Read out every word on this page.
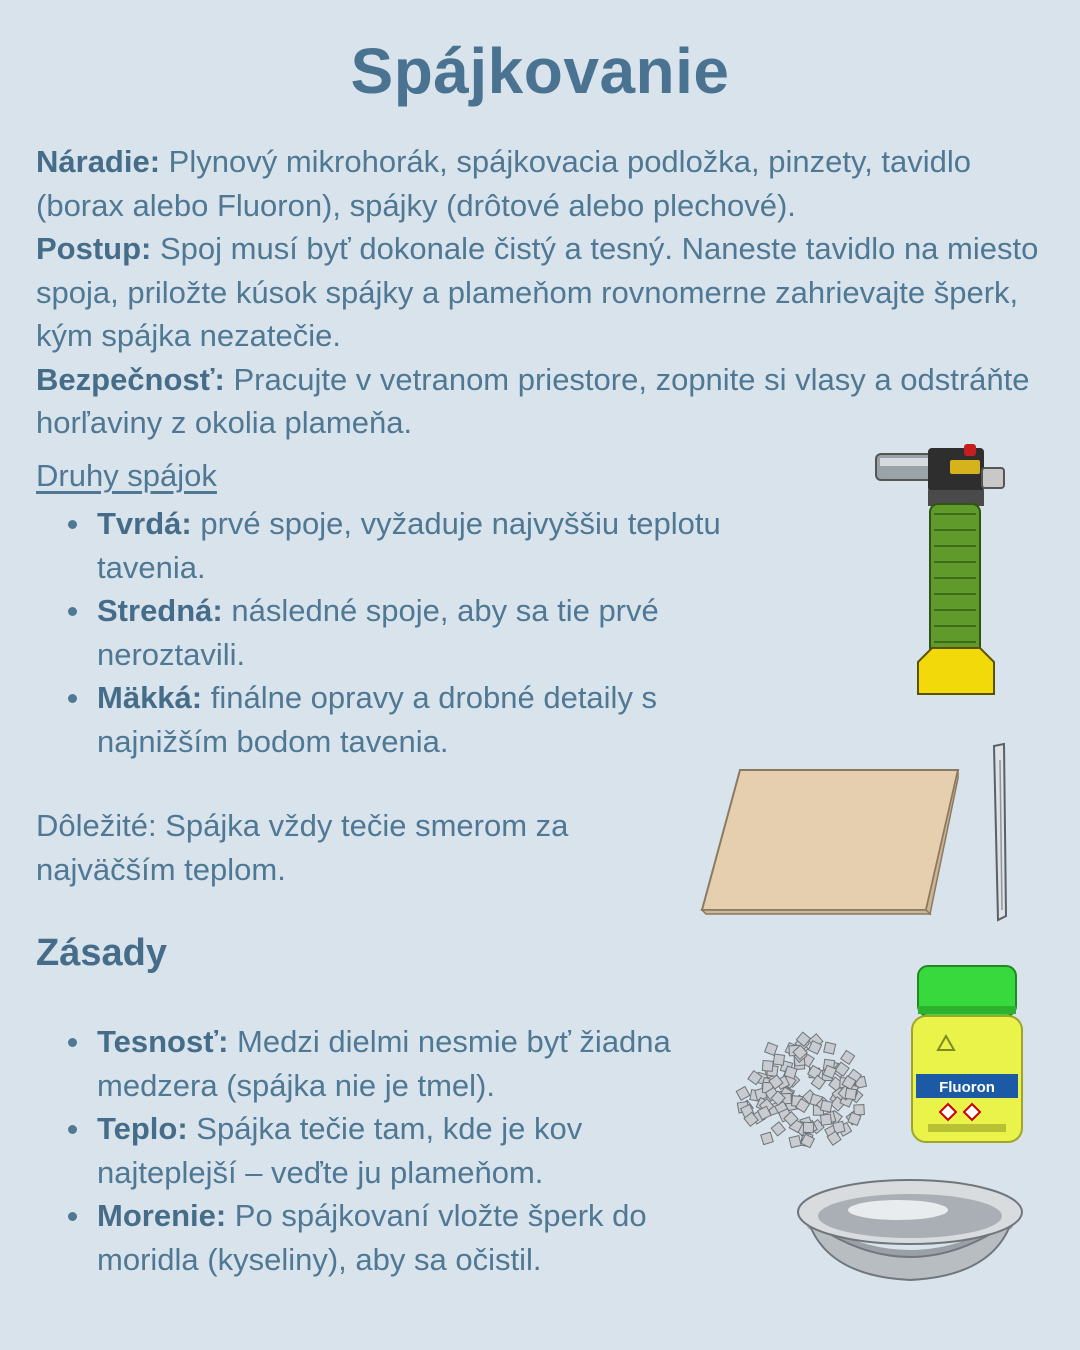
Spájkovanie

Náradie: Plynový mikrohorák, spájkovacia podložka, pinzety, tavidlo (borax alebo Fluoron), spájky (drôtové alebo plechové).

Postup: Spoj musí byť dokonale čistý a tesný. Naneste tavidlo na miesto spoja, priložte kúsok spájky a plameňom rovnomerne zahrievajte šperk, kým spájka nezatečie.

Bezpečnosť: Pracujte v vetranom priestore, zopnite si vlasy a odstráňte horľaviny z okolia plameňa.

Druhy spájok
Tvrdá: prvé spoje, vyžaduje najvyššiu teplotu tavenia.
Stredná: následné spoje, aby sa tie prvé neroztavili.
Mäkká: finálne opravy a drobné detaily s najnižším bodom tavenia.
Dôležité: Spájka vždy tečie smerom za najväčším teplom.
Zásady
Tesnosť: Medzi dielmi nesmie byť žiadna medzera (spájka nie je tmel).
Teplo: Spájka tečie tam, kde je kov najteplejší – veďte ju plameňom.
Morenie: Po spájkovaní vložte šperk do moridla (kyseliny), aby sa očistil.
Fluoron
